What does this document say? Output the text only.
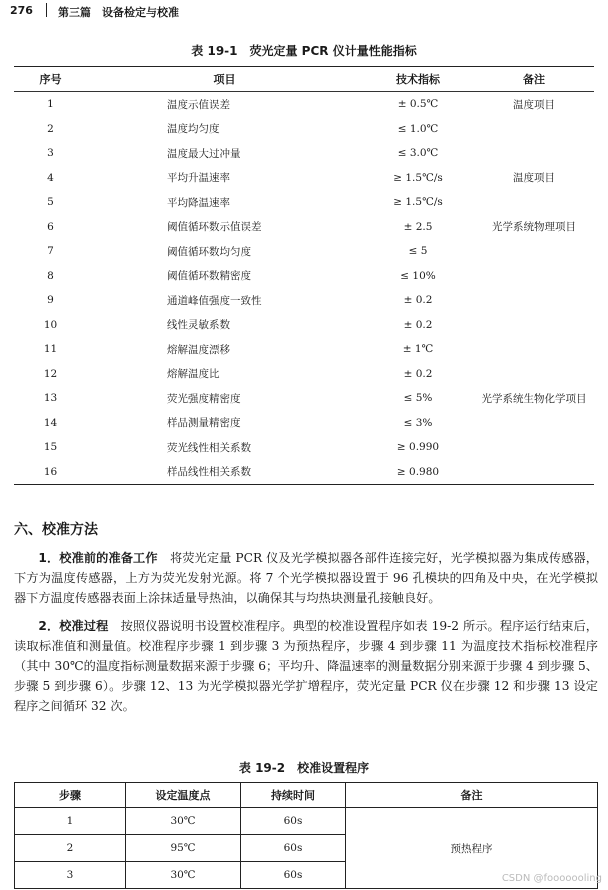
276 第三篇　设备检定与校准
表 19-1　荧光定量 PCR 仪计量性能指标
序号	项目	技术指标	备注
1	温度示值误差	± 0.5℃	温度项目
2	温度均匀度	≤ 1.0℃	
3	温度最大过冲量	≤ 3.0℃	
4	平均升温速率	≥ 1.5℃/s	温度项目
5	平均降温速率	≥ 1.5℃/s	
6	阈值循环数示值误差	± 2.5	光学系统物理项目
7	阈值循环数均匀度	≤ 5	
8	阈值循环数精密度	≤ 10%	
9	通道峰值强度一致性	± 0.2	
10	线性灵敏系数	± 0.2	
11	熔解温度漂移	± 1℃	
12	熔解温度比	± 0.2	
13	荧光强度精密度	≤ 5%	光学系统生物化学项目
14	样品测量精密度	≤ 3%	
15	荧光线性相关系数	≥ 0.990	
16	样品线性相关系数	≥ 0.980	
六、校准方法

1．校准前的准备工作　将荧光定量 PCR 仪及光学模拟器各部件连接完好，光学模拟器为集成传感器，下方为温度传感器，上方为荧光发射光源。将 7 个光学模拟器设置于 96 孔模块的四角及中央，在光学模拟器下方温度传感器表面上涂抹适量导热油，以确保其与均热块测量孔接触良好。

2．校准过程　按照仪器说明书设置校准程序。典型的校准设置程序如表 19-2 所示。程序运行结束后，读取标准值和测量值。校准程序步骤 1 到步骤 3 为预热程序，步骤 4 到步骤 11 为温度技术指标校准程序（其中 30℃的温度指标测量数据来源于步骤 6；平均升、降温速率的测量数据分别来源于步骤 4 到步骤 5、步骤 5 到步骤 6）。步骤 12、13 为光学模拟器光学扩增程序，荧光定量 PCR 仪在步骤 12 和步骤 13 设定程序之间循环 32 次。

表 19-2　校准设置程序
步骤	设定温度点	持续时间	备注
1	30℃	60s	预热程序
2	95℃	60s	
3	30℃	60s		CSDN @fooooooling
